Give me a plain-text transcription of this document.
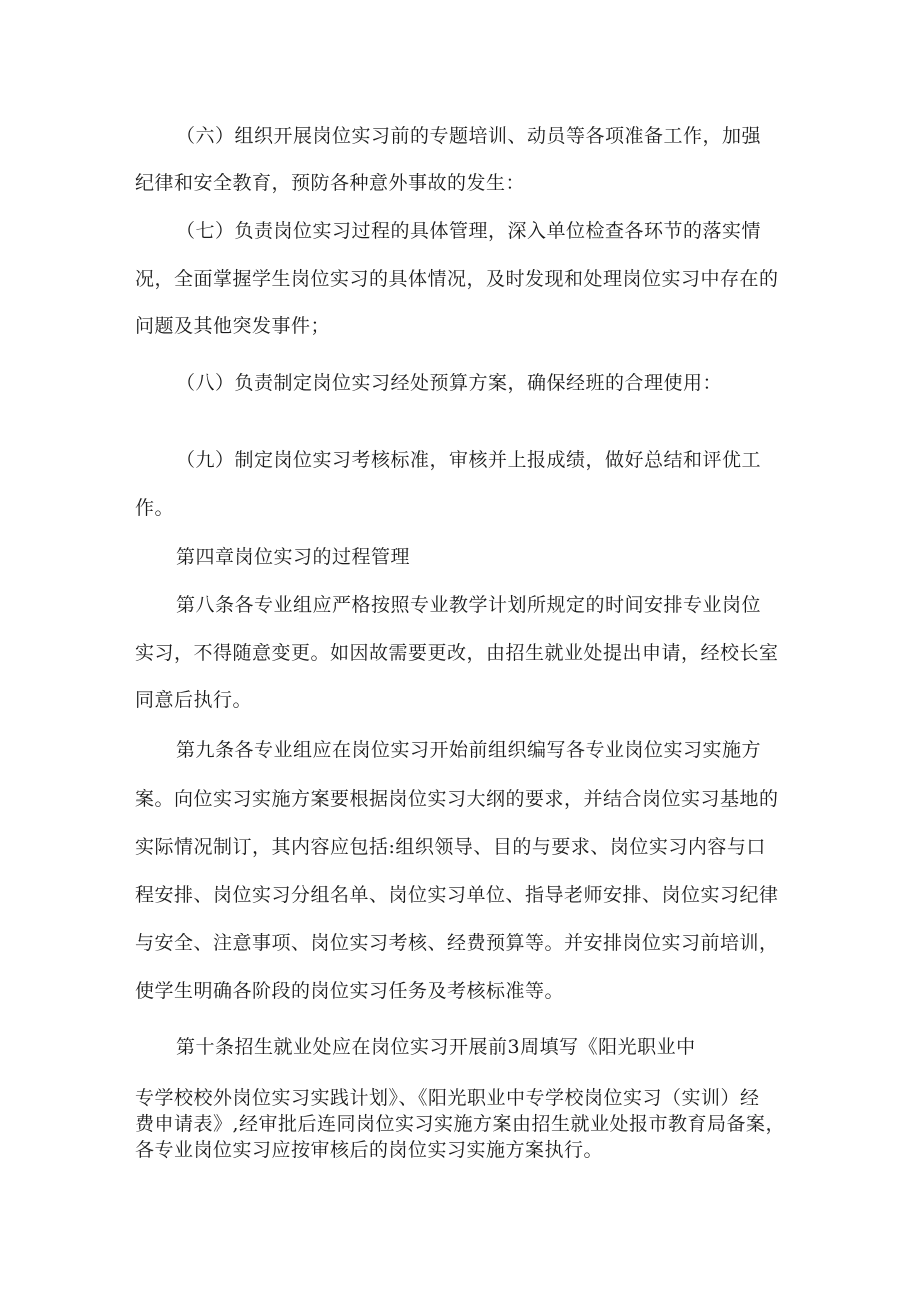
（六）组织开展岗位实习前的专题培训、动员等各项准备工作，加强
纪律和安全教育，预防各种意外事故的发生：
（七）负责岗位实习过程的具体管理，深入单位检查各环节的落实情
况，全面掌握学生岗位实习的具体情况，及时发现和处理岗位实习中存在的
问题及其他突发事件；
（八）负责制定岗位实习经处预算方案，确保经班的合理使用：
（九）制定岗位实习考核标准，审核并上报成绩，做好总结和评优工
作。
第四章岗位实习的过程管理
第八条各专业组应严格按照专业教学计划所规定的时间安排专业岗位
实习，不得随意变更。如因故需要更改，由招生就业处提出申请，经校长室
同意后执行。
第九条各专业组应在岗位实习开始前组织编写各专业岗位实习实施方
案。向位实习实施方案要根据岗位实习大纲的要求，并结合岗位实习基地的
实际情况制订，其内容应包括:组织领导、目的与要求、岗位实习内容与口
程安排、岗位实习分组名单、岗位实习单位、指导老师安排、岗位实习纪律
与安全、注意事项、岗位实习考核、经费预算等。并安排岗位实习前培训，
使学生明确各阶段的岗位实习任务及考核标准等。
第十条招生就业处应在岗位实习开展前3周填写《阳光职业中
专学校校外岗位实习实践计划》、《阳光职业中专学校岗位实习（实训）经
费申请表》,经审批后连同岗位实习实施方案由招生就业处报市教育局备案，
各专业岗位实习应按审核后的岗位实习实施方案执行。
